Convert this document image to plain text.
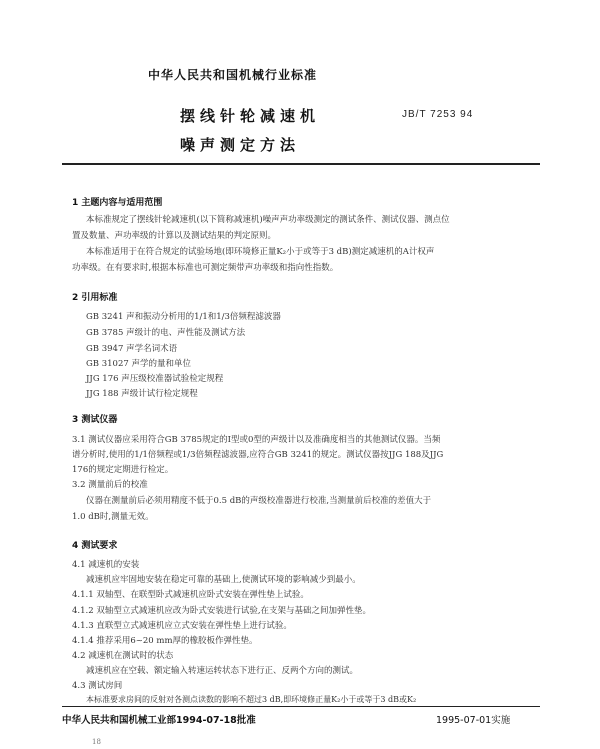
中华人民共和国机械行业标准
摆线针轮减速机
噪声测定方法
JB/T 7253 94
1 主题内容与适用范围
本标准规定了摆线针轮减速机(以下简称减速机)噪声声功率级测定的测试条件、测试仪器、测点位
置及数量、声功率级的计算以及测试结果的判定原则。
本标准适用于在符合规定的试验场地(即环境修正量K₂小于或等于3 dB)测定减速机的A计权声
功率级。在有要求时,根据本标准也可测定频带声功率级和指向性指数。
2 引用标准
GB 3241 声和振动分析用的1/1和1/3倍频程滤波器
GB 3785 声级计的电、声性能及测试方法
GB 3947 声学名词术语
GB 31027 声学的量和单位
JJG 176 声压级校准器试验检定规程
JJG 188 声级计试行检定规程
3 测试仪器
3.1 测试仪器应采用符合GB 3785规定的Ⅰ型或0型的声级计以及准确度相当的其他测试仪器。当频
谱分析时,使用的1/1倍频程或1/3倍频程滤波器,应符合GB 3241的规定。测试仪器按JJG 188及JJG
176的规定定期进行检定。
3.2 测量前后的校准
仪器在测量前后必须用精度不低于0.5 dB的声级校准器进行校准,当测量前后校准的差值大于
1.0 dB时,测量无效。
4 测试要求
4.1 减速机的安装
减速机应牢固地安装在稳定可靠的基础上,使测试环境的影响减少到最小。
4.1.1 双轴型、在联型卧式减速机应卧式安装在弹性垫上试验。
4.1.2 双轴型立式减速机应改为卧式安装进行试验,在支架与基础之间加弹性垫。
4.1.3 直联型立式减速机应立式安装在弹性垫上进行试验。
4.1.4 推荐采用6~20 mm厚的橡胶板作弹性垫。
4.2 减速机在测试时的状态
减速机应在空载、额定输入转速运转状态下进行正、反两个方向的测试。
4.3 测试房间
本标准要求房间的反射对各测点读数的影响不超过3 dB,即环境修正量K₂小于或等于3 dB或K₂
中华人民共和国机械工业部1994-07-18批准	1995-07-01实施
18
